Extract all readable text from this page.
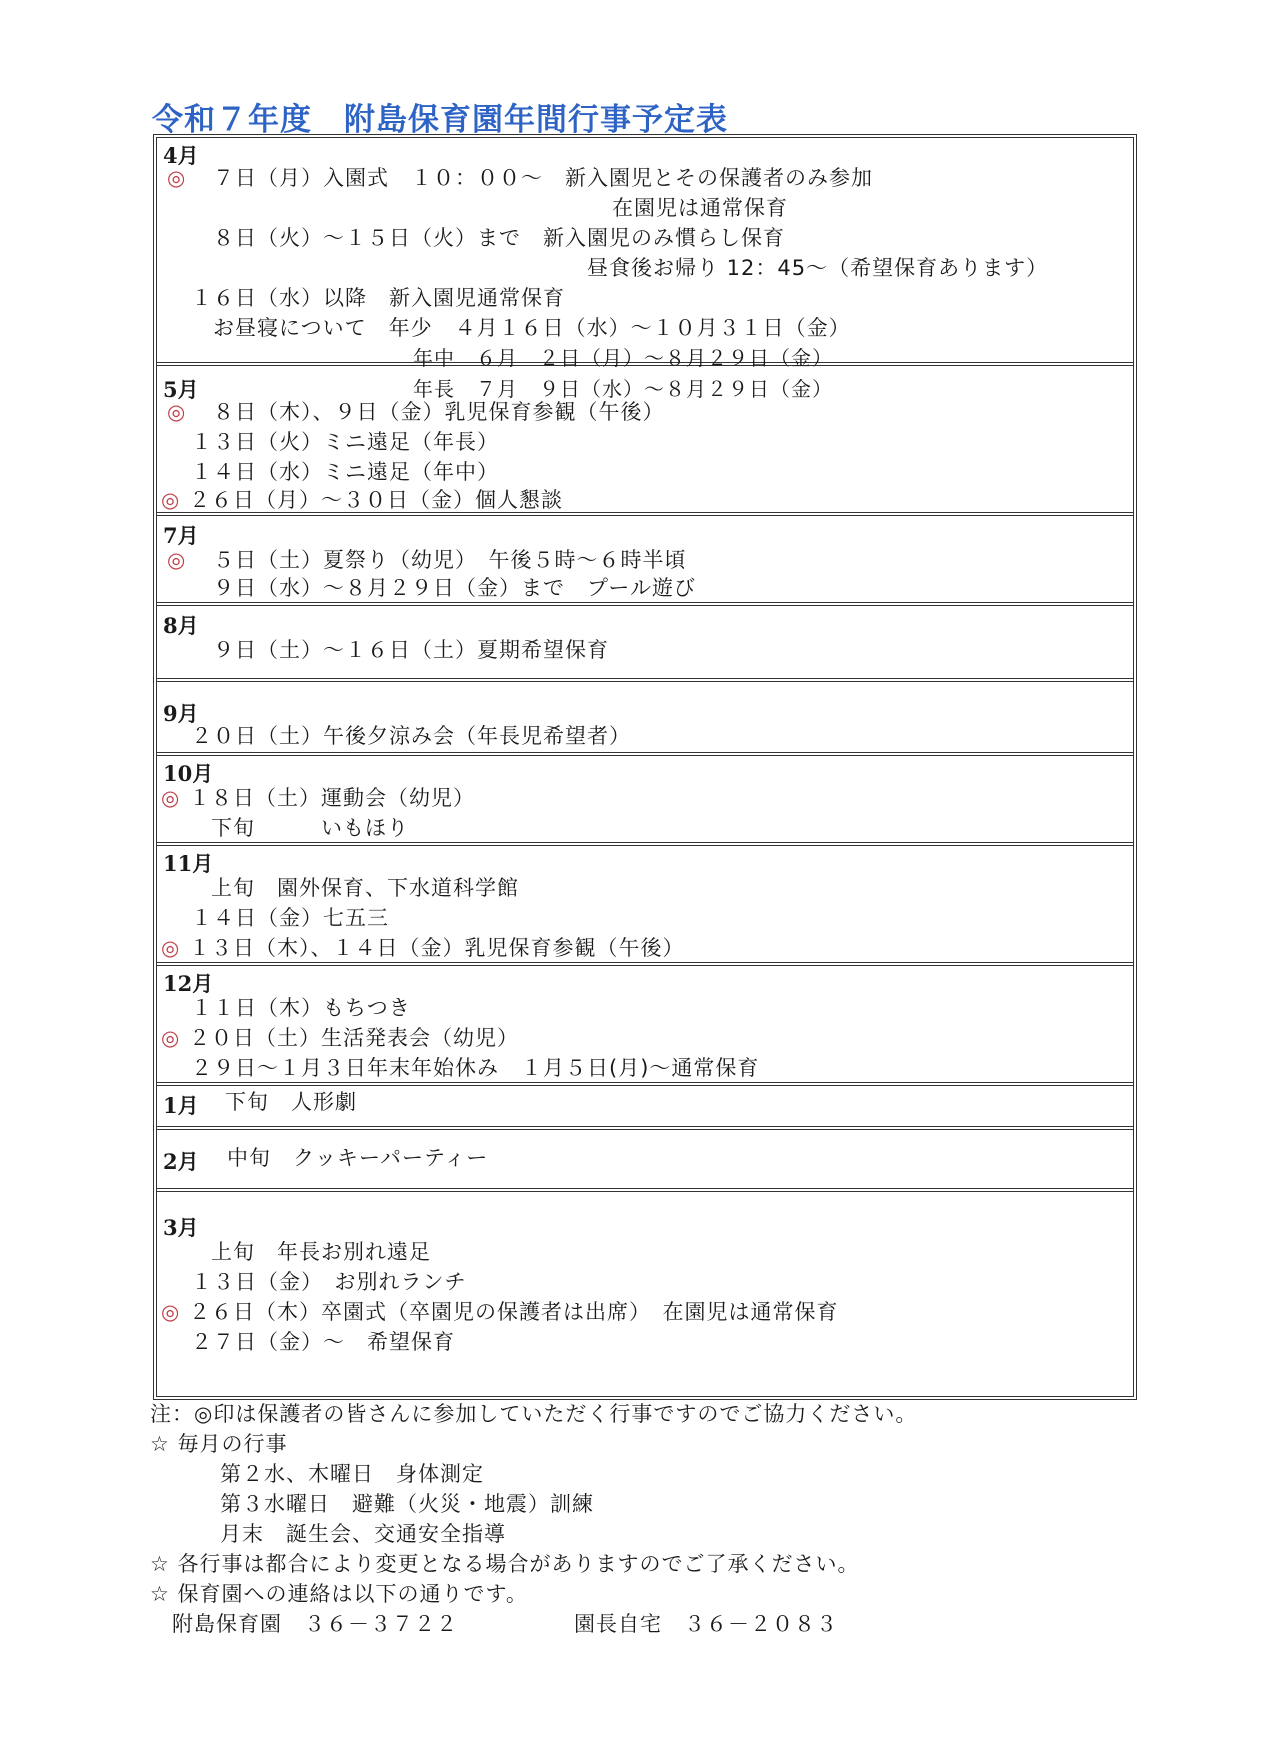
令和７年度　附島保育園年間行事予定表
4月
◎ ７日（月）入園式　１０：００～　新入園児とその保護者のみ参加
在園児は通常保育
８日（火）～１５日（火）まで　新入園児のみ慣らし保育
昼食後お帰り 12：45～（希望保育あります）
１６日（水）以降　新入園児通常保育
お昼寝について　年少　４月１６日（水）～１０月３１日（金）
年中　６月　２日（月）～８月２９日（金）
年長　７月　９日（水）～８月２９日（金）
5月
◎ ８日（木）、９日（金）乳児保育参観（午後）
１３日（火）ミニ遠足（年長）
１４日（水）ミニ遠足（年中）
◎ ２６日（月）～３０日（金）個人懇談
7月
◎ ５日（土）夏祭り（幼児）　午後５時～６時半頃
９日（水）～８月２９日（金）まで　プール遊び
8月
９日（土）～１６日（土）夏期希望保育
9月
２０日（土）午後夕涼み会（年長児希望者）
10月
◎ １８日（土）運動会（幼児）
下旬　　　いもほり
11月
上旬　園外保育、下水道科学館
１４日（金）七五三
◎ １３日（木）、１４日（金）乳児保育参観（午後）
12月
１１日（木）もちつき
◎ ２０日（土）生活発表会（幼児）
２９日～１月３日年末年始休み　１月５日(月)～通常保育
1月 下旬　人形劇
2月 中旬　クッキーパーティー
3月
上旬　年長お別れ遠足
１３日（金）　お別れランチ
◎ ２６日（木）卒園式（卒園児の保護者は出席）　在園児は通常保育
２７日（金）～　希望保育
注：◎印は保護者の皆さんに参加していただく行事ですのでご協力ください。
☆ 毎月の行事
第２水、木曜日　身体測定
第３水曜日　避難（火災・地震）訓練
月末　誕生会、交通安全指導
☆ 各行事は都合により変更となる場合がありますのでご了承ください。
☆ 保育園への連絡は以下の通りです。
附島保育園　３６－３７２２	園長自宅　３６－２０８３
